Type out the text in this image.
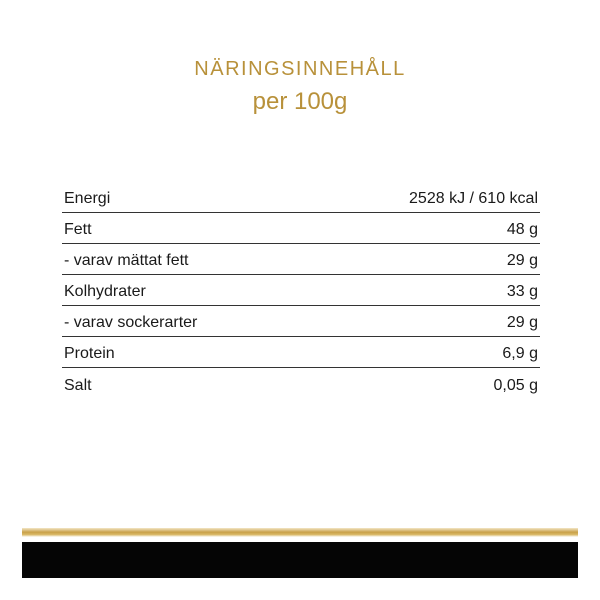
NÄRINGSINNEHÅLL
per 100g
Energi	2528 kJ / 610 kcal
Fett	48 g
- varav mättat fett	29 g
Kolhydrater	33 g
- varav sockerarter	29 g
Protein	6,9 g
Salt	0,05 g
